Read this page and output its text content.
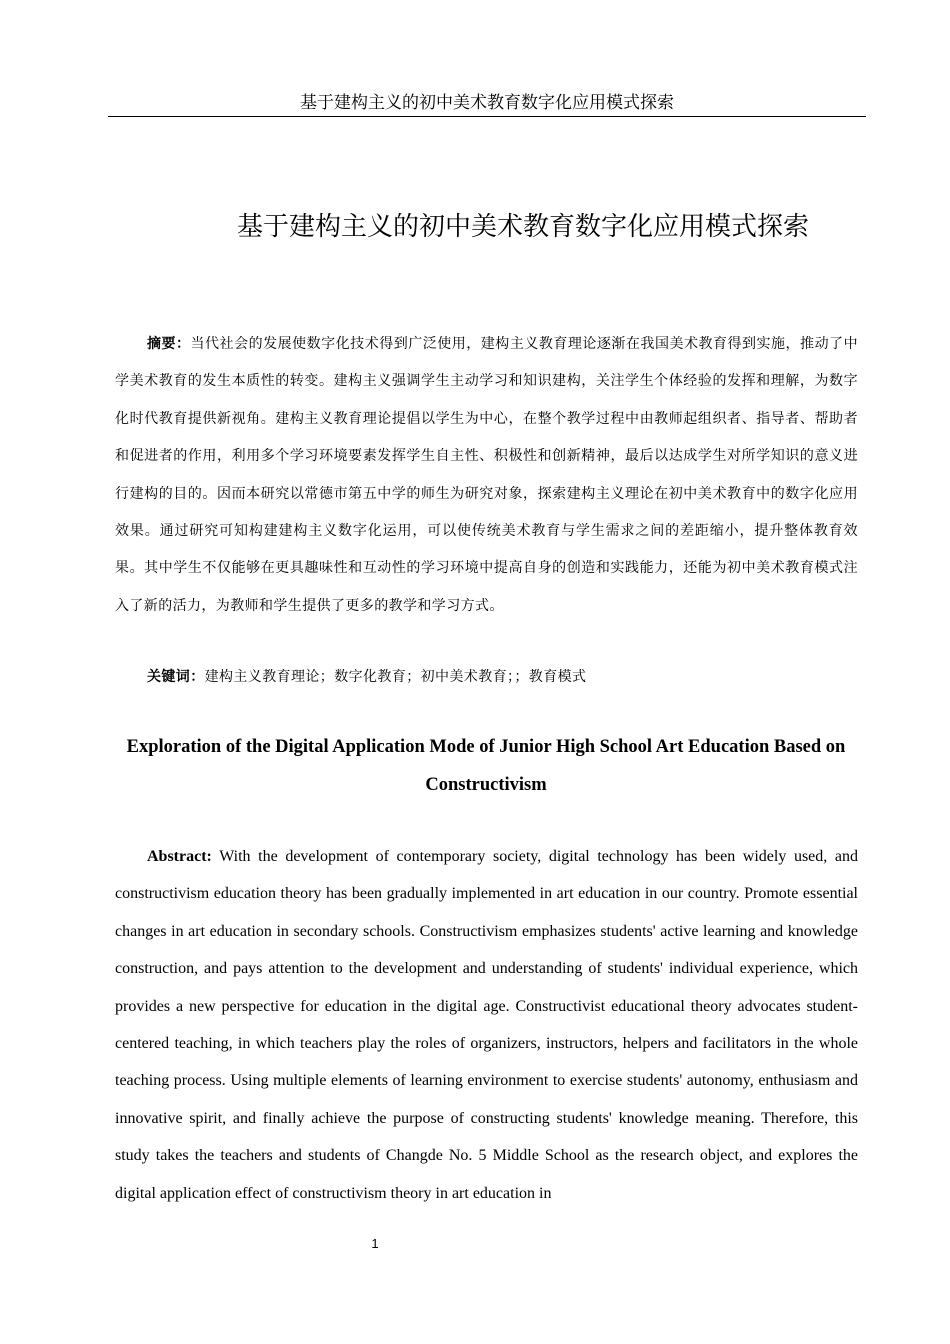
基于建构主义的初中美术教育数字化应用模式探索
基于建构主义的初中美术教育数字化应用模式探索

摘要：当代社会的发展使数字化技术得到广泛使用，建构主义教育理论逐渐在我国美术教育得到实施，推动了中学美术教育的发生本质性的转变。建构主义强调学生主动学习和知识建构，关注学生个体经验的发挥和理解，为数字化时代教育提供新视角。建构主义教育理论提倡以学生为中心，在整个教学过程中由教师起组织者、指导者、帮助者和促进者的作用，利用多个学习环境要素发挥学生自主性、积极性和创新精神，最后以达成学生对所学知识的意义进行建构的目的。因而本研究以常德市第五中学的师生为研究对象，探索建构主义理论在初中美术教育中的数字化应用效果。通过研究可知构建建构主义数字化运用，可以使传统美术教育与学生需求之间的差距缩小，提升整体教育效果。其中学生不仅能够在更具趣味性和互动性的学习环境中提高自身的创造和实践能力，还能为初中美术教育模式注入了新的活力，为教师和学生提供了更多的教学和学习方式。

关键词：建构主义教育理论；数字化教育；初中美术教育；；教育模式

Exploration of the Digital Application Mode of Junior High School Art Education Based on Constructivism

Abstract: With the development of contemporary society, digital technology has been widely used, and constructivism education theory has been gradually implemented in art education in our country. Promote essential changes in art education in secondary schools. Constructivism emphasizes students' active learning and knowledge construction, and pays attention to the development and understanding of students' individual experience, which provides a new perspective for education in the digital age. Constructivist educational theory advocates student-centered teaching, in which teachers play the roles of organizers, instructors, helpers and facilitators in the whole teaching process. Using multiple elements of learning environment to exercise students' autonomy, enthusiasm and innovative spirit, and finally achieve the purpose of constructing students' knowledge meaning. Therefore, this study takes the teachers and students of Changde No. 5 Middle School as the research object, and explores the digital application effect of constructivism theory in art education in

1
